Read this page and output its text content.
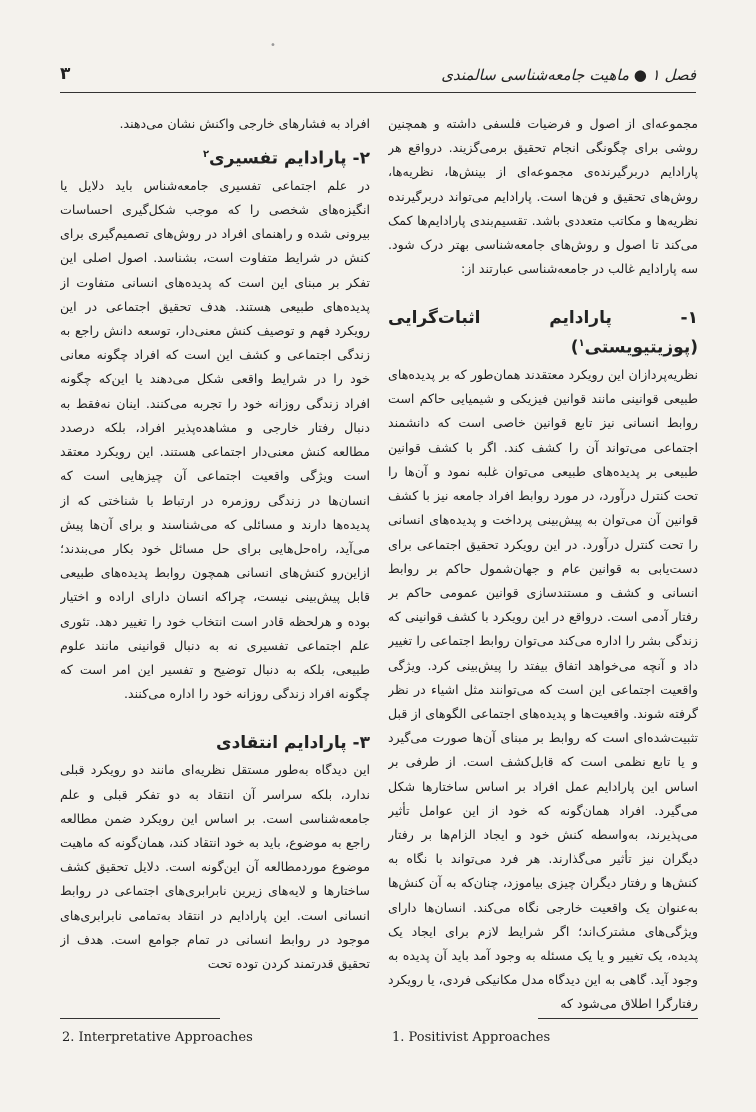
•
فصل ۱ ● ماهیت جامعه‌شناسی سالمندی
۳

مجموعه‌ای از اصول و فرضیات فلسفی داشته و همچنین روشی برای چگونگی انجام تحقیق برمی‌گزیند. درواقع هر پارادایم دربرگیرنده‌ی مجموعه‌ای از بینش‌ها، نظریه‌ها، روش‌های تحقیق و فن‌ها است. پارادایم می‌تواند دربرگیرنده نظریه‌ها و مکاتب متعددی باشد. تقسیم‌بندی پارادایم‌ها کمک می‌کند تا اصول و روش‌های جامعه‌شناسی بهتر درک شود. سه پارادایم غالب در جامعه‌شناسی عبارتند از:

۱- پارادایم اثبات‌گرایی (پوزیتیویستی$^۱$)

نظریه‌پردازان این رویکرد معتقدند همان‌طور که بر پدیده‌های طبیعی قوانینی مانند قوانین فیزیکی و شیمیایی حاکم است روابط انسانی نیز تابع قوانین خاصی است که دانشمند اجتماعی می‌تواند آن را کشف کند. اگر با کشف قوانین طبیعی بر پدیده‌های طبیعی می‌توان غلبه نمود و آن‌ها را تحت کنترل درآورد، در مورد روابط افراد جامعه نیز با کشف قوانین آن می‌توان به پیش‌بینی پرداخت و پدیده‌های انسانی را تحت کنترل درآورد. در این رویکرد تحقیق اجتماعی برای دست‌یابی به قوانین عام و جهان‌شمول حاکم بر روابط انسانی و کشف و مستندسازی قوانین عمومی حاکم بر رفتار آدمی است. درواقع در این رویکرد با کشف قوانینی که زندگی بشر را اداره می‌کند می‌توان روابط اجتماعی را تغییر داد و آنچه می‌خواهد اتفاق بیفتد را پیش‌بینی کرد. ویژگی واقعیت اجتماعی این است که می‌توانند مثل اشیاء در نظر گرفته شوند. واقعیت‌ها و پدیده‌های اجتماعی الگوهای از قبل تثبیت‌شده‌ای است که روابط بر مبنای آن‌ها صورت می‌گیرد و یا تابع نظمی است که قابل‌کشف است. از طرفی بر اساس این پارادایم عمل افراد بر اساس ساختارها شکل می‌گیرد. افراد همان‌گونه که خود از این عوامل تأثیر می‌پذیرند، به‌واسطه کنش خود و ایجاد الزام‌ها بر رفتار دیگران نیز تأثیر می‌گذارند. هر فرد می‌تواند با نگاه به کنش‌ها و رفتار دیگران چیزی بیاموزد، چنان‌که به آن کنش‌ها به‌عنوان یک واقعیت خارجی نگاه می‌کند. انسان‌ها دارای ویژگی‌های مشترک‌اند؛ اگر شرایط لازم برای ایجاد یک پدیده، یک تغییر و یا یک مسئله به وجود آمد باید آن پدیده به وجود آید. گاهی به این دیدگاه مدل مکانیکی فردی، یا رویکرد رفتارگرا اطلاق می‌شود که

افراد به فشارهای خارجی واکنش نشان می‌دهند.

۲- پارادایم تفسیری$^۲$

در علم اجتماعی تفسیری جامعه‌شناس باید دلایل یا انگیزه‌های شخصی را که موجب شکل‌گیری احساسات بیرونی شده و راهنمای افراد در روش‌های تصمیم‌گیری برای کنش در شرایط متفاوت است، بشناسد. اصول اصلی این تفکر بر مبنای این است که پدیده‌های انسانی متفاوت از پدیده‌های طبیعی هستند. هدف تحقیق اجتماعی در این رویکرد فهم و توصیف کنش معنی‌دار، توسعه دانش راجع به زندگی اجتماعی و کشف این است که افراد چگونه معانی خود را در شرایط واقعی شکل می‌دهند یا این‌که چگونه افراد زندگی روزانه خود را تجربه می‌کنند. اینان نه‌فقط به دنبال رفتار خارجی و مشاهده‌پذیر افراد، بلکه درصدد مطالعه کنش معنی‌دار اجتماعی هستند. این رویکرد معتقد است ویژگی واقعیت اجتماعی آن چیزهایی است که انسان‌ها در زندگی روزمره در ارتباط با شناختی که از پدیده‌ها دارند و مسائلی که می‌شناسند و برای آن‌ها پیش می‌آید، راه‌حل‌هایی برای حل مسائل خود بکار می‌بندند؛ ازاین‌رو کنش‌های انسانی همچون روابط پدیده‌های طبیعی قابل پیش‌بینی نیست، چراکه انسان دارای اراده و اختیار بوده و هرلحظه قادر است انتخاب خود را تغییر دهد. تئوری علم اجتماعی تفسیری نه به دنبال قوانینی مانند علوم طبیعی، بلکه به دنبال توضیح و تفسیر این امر است که چگونه افراد زندگی روزانه خود را اداره می‌کنند.

۳- پارادایم انتقادی

این دیدگاه به‌طور مستقل نظریه‌ای مانند دو رویکرد قبلی ندارد، بلکه سراسر آن انتقاد به دو تفکر قبلی و علم جامعه‌شناسی است. بر اساس این رویکرد ضمن مطالعه راجع به موضوع، باید به خود انتقاد کند، همان‌گونه که ماهیت موضوع موردمطالعه آن این‌گونه است. دلایل تحقیق کشف ساختارها و لایه‌های زیرین نابرابری‌های اجتماعی در روابط انسانی است. این پارادایم در انتقاد به‌تمامی نابرابری‌های موجود در روابط انسانی در تمام جوامع است. هدف از تحقیق قدرتمند کردن توده تحت

1. Positivist Approaches
2. Interpretative Approaches
